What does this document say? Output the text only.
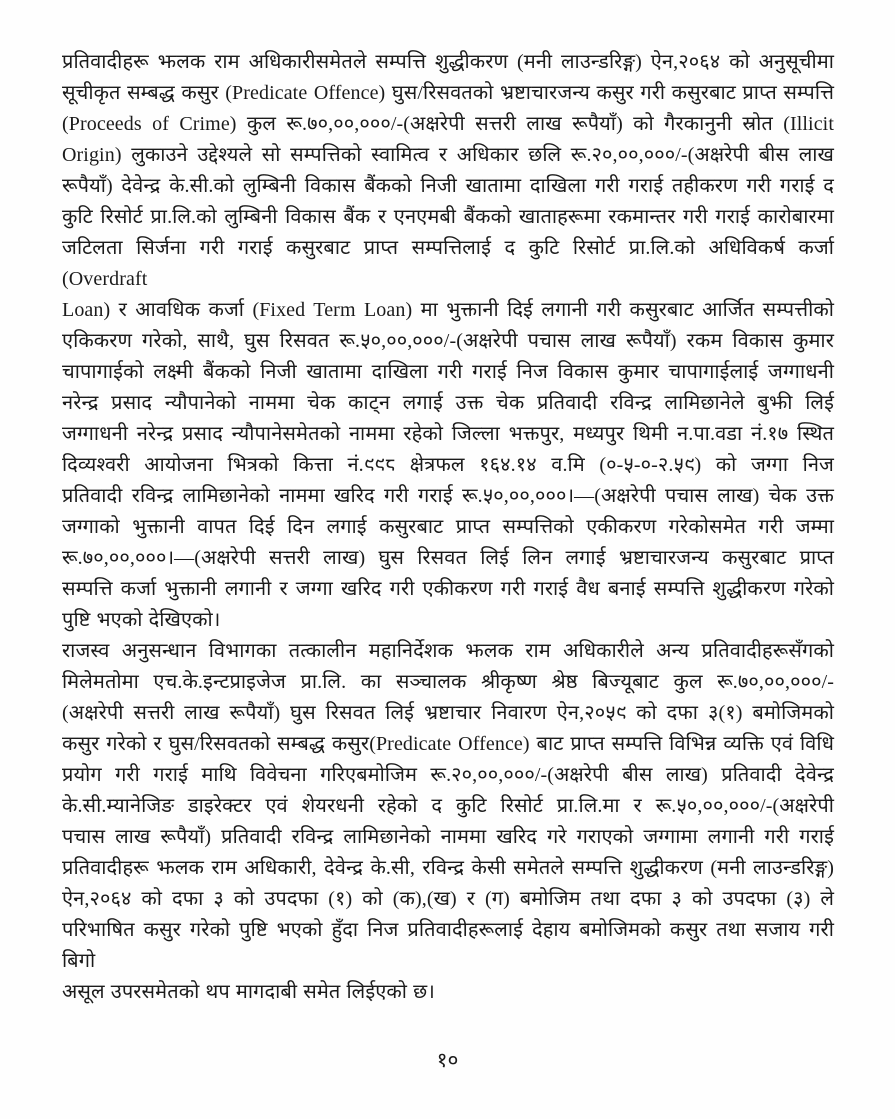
प्रतिवादीहरू झलक राम अधिकारीसमेतले सम्पत्ति शुद्धीकरण (मनी लाउन्डरिङ्ग) ऐन,२०६४ को अनुसूचीमा
सूचीकृत सम्बद्ध कसुर (Predicate Offence) घुस/रिसवतको भ्रष्टाचारजन्य कसुर गरी कसुरबाट प्राप्त सम्पत्ति
(Proceeds of Crime) कुल रू.७०,००,०००/-(अक्षरेपी सत्तरी लाख रूपैयाँ) को गैरकानुनी स्रोत (Illicit
Origin) लुकाउने उद्देश्यले सो सम्पत्तिको स्वामित्व र अधिकार छलि रू.२०,००,०००/-(अक्षरेपी बीस लाख
रूपैयाँ) देवेन्द्र के.सी.को लुम्बिनी विकास बैंकको निजी खातामा दाखिला गरी गराई तहीकरण गरी गराई द
कुटि रिसोर्ट प्रा.लि.को लुम्बिनी विकास बैंक र एनएमबी बैंकको खाताहरूमा रकमान्तर गरी गराई कारोबारमा
जटिलता सिर्जना गरी गराई कसुरबाट प्राप्त सम्पत्तिलाई द कुटि रिसोर्ट प्रा.लि.को अधिविकर्ष कर्जा (Overdraft
Loan) र आवधिक कर्जा (Fixed Term Loan) मा भुक्तानी दिई लगानी गरी कसुरबाट आर्जित सम्पत्तीको
एकिकरण गरेको, साथै, घुस रिसवत रू.५०,००,०००/-(अक्षरेपी पचास लाख रूपैयाँ) रकम विकास कुमार
चापागाईको लक्ष्मी बैंकको निजी खातामा दाखिला गरी गराई निज विकास कुमार चापागाईलाई जग्गाधनी
नरेन्द्र प्रसाद न्यौपानेको नाममा चेक काट्न लगाई उक्त चेक प्रतिवादी रविन्द्र लामिछानेले बुझी लिई
जग्गाधनी नरेन्द्र प्रसाद न्यौपानेसमेतको नाममा रहेको जिल्ला भक्तपुर, मध्यपुर थिमी न.पा.वडा नं.१७ स्थित
दिव्यश्वरी आयोजना भित्रको कित्ता नं.९९८ क्षेत्रफल १६४.१४ व.मि (०-५-०-२.५९) को जग्गा निज
प्रतिवादी रविन्द्र लामिछानेको नाममा खरिद गरी गराई रू.५०,००,०००।—(अक्षरेपी पचास लाख) चेक उक्त
जग्गाको भुक्तानी वापत दिई दिन लगाई कसुरबाट प्राप्त सम्पत्तिको एकीकरण गरेकोसमेत गरी जम्मा
रू.७०,००,०००।—(अक्षरेपी सत्तरी लाख) घुस रिसवत लिई लिन लगाई भ्रष्टाचारजन्य कसुरबाट प्राप्त
सम्पत्ति कर्जा भुक्तानी लगानी र जग्गा खरिद गरी एकीकरण गरी गराई वैध बनाई सम्पत्ति शुद्धीकरण गरेको
पुष्टि भएको देखिएको।
राजस्व अनुसन्धान विभागका तत्कालीन महानिर्देशक झलक राम अधिकारीले अन्य प्रतिवादीहरूसँगको
मिलेमतोमा एच.के.इन्टप्राइजेज प्रा.लि. का सञ्चालक श्रीकृष्ण श्रेष्ठ बिज्यूबाट कुल रू.७०,००,०००/-
(अक्षरेपी सत्तरी लाख रूपैयाँ) घुस रिसवत लिई भ्रष्टाचार निवारण ऐन,२०५९ को दफा ३(१) बमोजिमको
कसुर गरेको र घुस/रिसवतको सम्बद्ध कसुर(Predicate Offence) बाट प्राप्त सम्पत्ति विभिन्न व्यक्ति एवं विधि
प्रयोग गरी गराई माथि विवेचना गरिएबमोजिम रू.२०,००,०००/-(अक्षरेपी बीस लाख) प्रतिवादी देवेन्द्र
के.सी.म्यानेजिङ डाइरेक्टर एवं शेयरधनी रहेको द कुटि रिसोर्ट प्रा.लि.मा र रू.५०,००,०००/-(अक्षरेपी
पचास लाख रूपैयाँ) प्रतिवादी रविन्द्र लामिछानेको नाममा खरिद गरे गराएको जग्गामा लगानी गरी गराई
प्रतिवादीहरू झलक राम अधिकारी, देवेन्द्र के.सी, रविन्द्र केसी समेतले सम्पत्ति शुद्धीकरण (मनी लाउन्डरिङ्ग)
ऐन,२०६४ को दफा ३ को उपदफा (१) को (क),(ख) र (ग) बमोजिम तथा दफा ३ को उपदफा (३) ले
परिभाषित कसुर गरेको पुष्टि भएको हुँदा निज प्रतिवादीहरूलाई देहाय बमोजिमको कसुर तथा सजाय गरी बिगो
असूल उपरसमेतको थप मागदाबी समेत लिईएको छ।
१०
